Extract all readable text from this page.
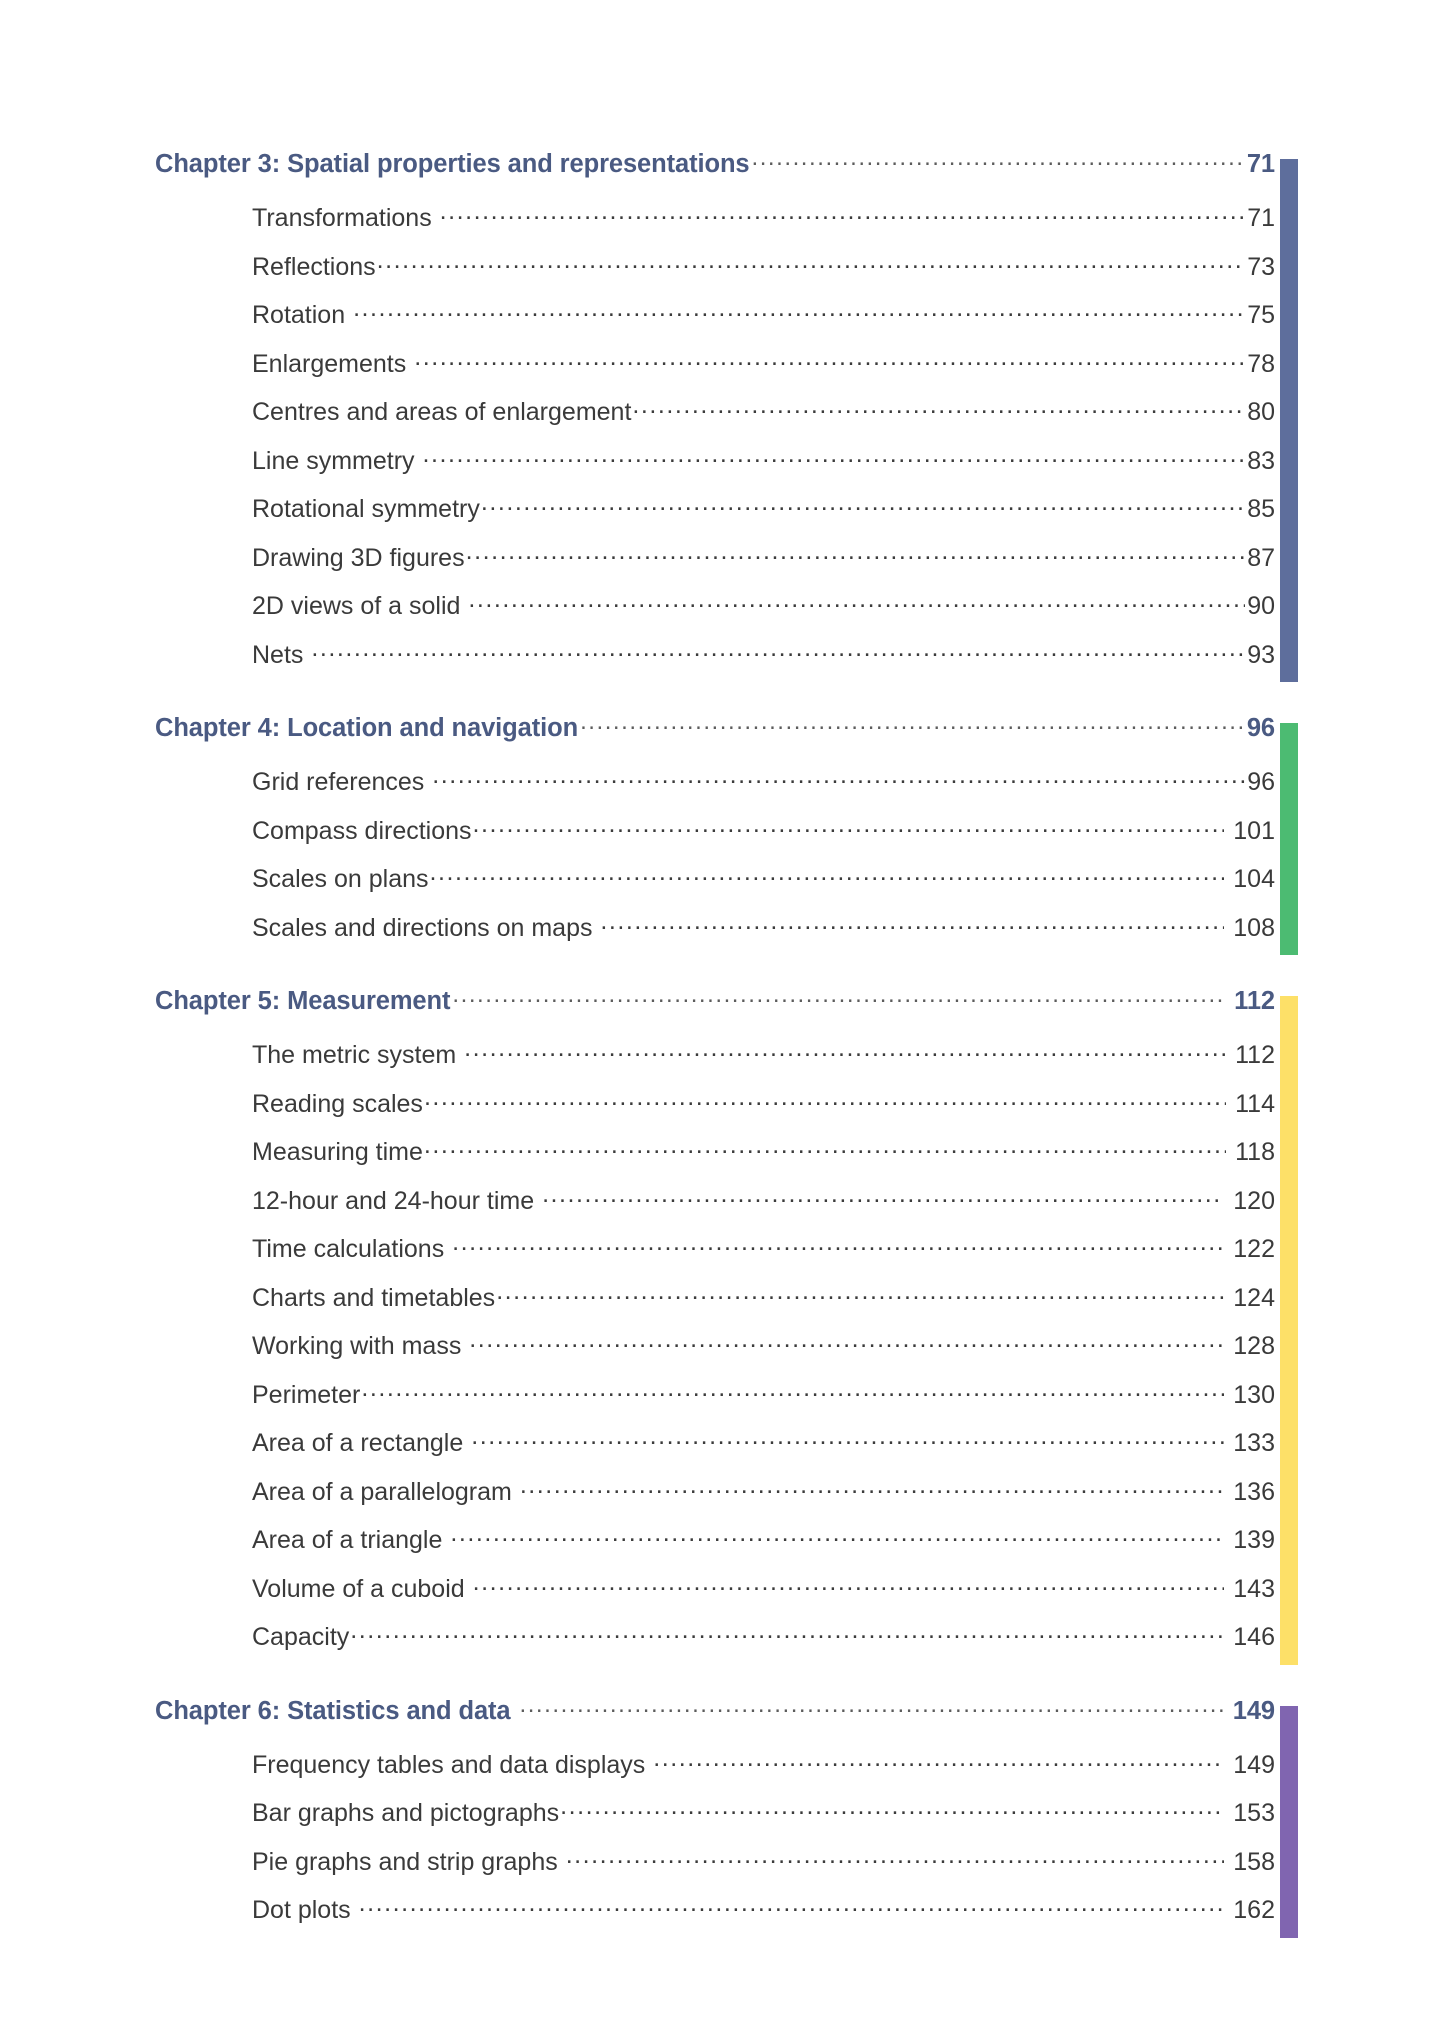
Chapter 3: Spatial properties and representations .....	71
Transformations .....	71
Reflections .....	73
Rotation .....	75
Enlargements .....	78
Centres and areas of enlargement .....	80
Line symmetry .....	83
Rotational symmetry .....	85
Drawing 3D figures .....	87
2D views of a solid .....	90
Nets .....	93
Chapter 4: Location and navigation .....	96
Grid references .....	96
Compass directions .....	101
Scales on plans .....	104
Scales and directions on maps .....	108
Chapter 5: Measurement .....	112
The metric system .....	112
Reading scales .....	114
Measuring time .....	118
12-hour and 24-hour time .....	120
Time calculations .....	122
Charts and timetables .....	124
Working with mass .....	128
Perimeter .....	130
Area of a rectangle .....	133
Area of a parallelogram .....	136
Area of a triangle .....	139
Volume of a cuboid .....	143
Capacity .....	146
Chapter 6: Statistics and data .....	149
Frequency tables and data displays .....	149
Bar graphs and pictographs .....	153
Pie graphs and strip graphs .....	158
Dot plots .....	162
